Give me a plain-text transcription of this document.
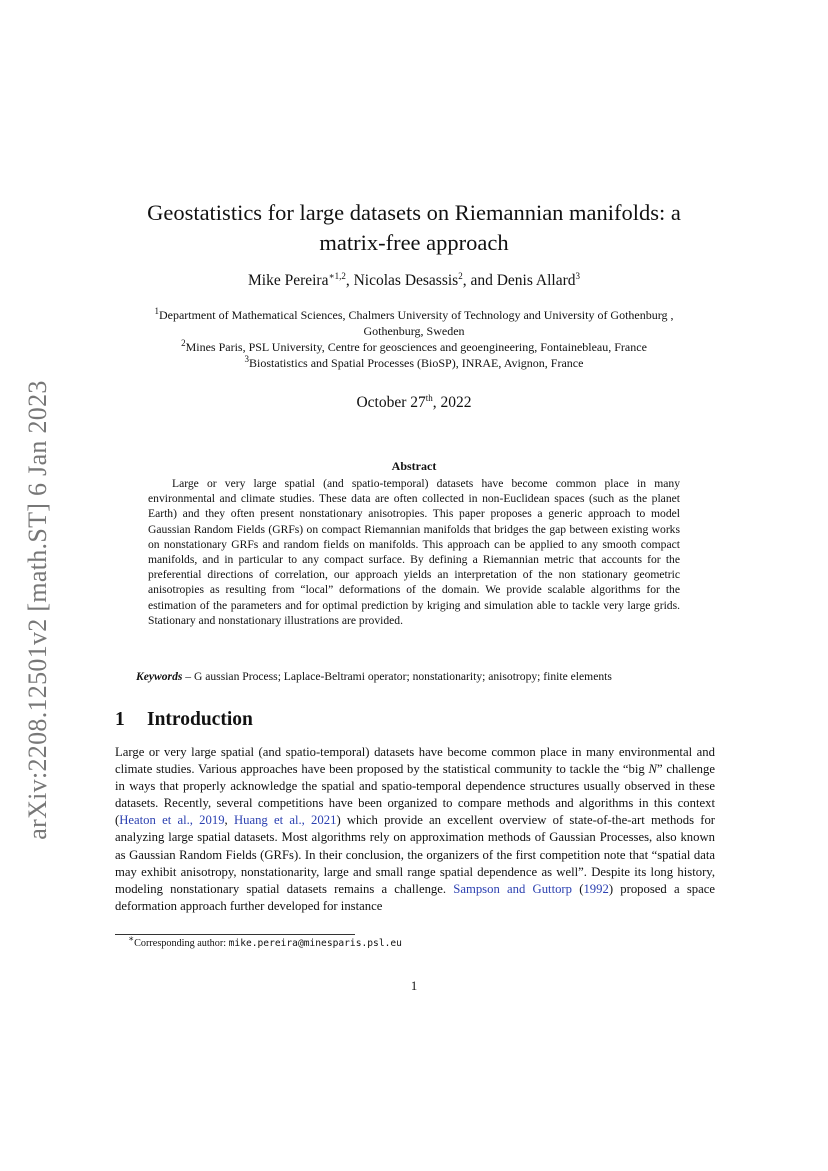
arXiv:2208.12501v2 [math.ST] 6 Jan 2023
Geostatistics for large datasets on Riemannian manifolds: a
matrix-free approach
Mike Pereira$^{∗1,2}$, Nicolas Desassis$^2$, and Denis Allard$^3$
$^1$Department of Mathematical Sciences, Chalmers University of Technology and University of Gothenburg ,
Gothenburg, Sweden
$^2$Mines Paris, PSL University, Centre for geosciences and geoengineering, Fontainebleau, France
$^3$Biostatistics and Spatial Processes (BioSP), INRAE, Avignon, France
October 27th, 2022
Abstract

Large or very large spatial (and spatio-temporal) datasets have become common place in many environmental and climate studies. These data are often collected in non-Euclidean spaces (such as the planet Earth) and they often present nonstationary anisotropies. This paper proposes a generic approach to model Gaussian Random Fields (GRFs) on compact Riemannian manifolds that bridges the gap between existing works on nonstationary GRFs and random fields on manifolds. This approach can be applied to any smooth compact manifolds, and in particular to any compact surface. By defining a Riemannian metric that accounts for the preferential directions of correlation, our approach yields an interpretation of the non stationary geometric anisotropies as resulting from “local” deformations of the domain. We provide scalable algorithms for the estimation of the parameters and for optimal prediction by kriging and simulation able to tackle very large grids. Stationary and nonstationary illustrations are provided.

Keywords – G aussian Process; Laplace-Beltrami operator; nonstationarity; anisotropy; finite elements
1 Introduction

Large or very large spatial (and spatio-temporal) datasets have become common place in many environmental and climate studies. Various approaches have been proposed by the statistical community to tackle the “big N” challenge in ways that properly acknowledge the spatial and spatio-temporal dependence structures usually observed in these datasets. Recently, several competitions have been organized to compare methods and algorithms in this context (Heaton et al., 2019, Huang et al., 2021) which provide an excellent overview of state-of-the-art methods for analyzing large spatial datasets. Most algorithms rely on approximation methods of Gaussian Processes, also known as Gaussian Random Fields (GRFs). In their conclusion, the organizers of the first competition note that “spatial data may exhibit anisotropy, nonstationarity, large and small range spatial dependence as well”. Despite its long history, modeling nonstationary spatial datasets remains a challenge. Sampson and Guttorp (1992) proposed a space deformation approach further developed for instance

∗Corresponding author: mike.pereira@minesparis.psl.eu
1
